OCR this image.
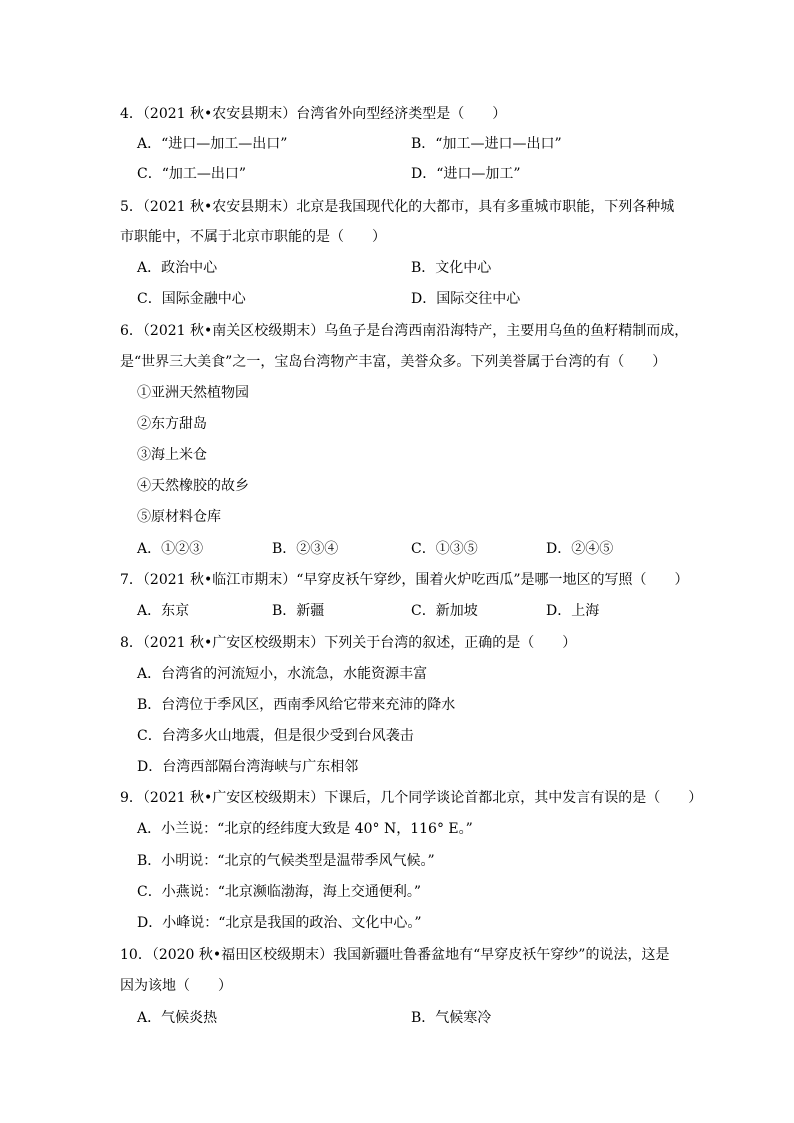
4．（2021 秋•农安县期末）台湾省外向型经济类型是（　　）
A．“进口—加工—出口”	B．“加工—进口—出口”
C．“加工—出口”	D．“进口—加工”
5．（2021 秋•农安县期末）北京是我国现代化的大都市，具有多重城市职能，下列各种城
市职能中，不属于北京市职能的是（　　）
A．政治中心	B．文化中心
C．国际金融中心	D．国际交往中心
6．（2021 秋•南关区校级期末）乌鱼子是台湾西南沿海特产，主要用乌鱼的鱼籽精制而成，
是“世界三大美食”之一，宝岛台湾物产丰富，美誉众多。下列美誉属于台湾的有（　　）
①亚洲天然植物园
②东方甜岛
③海上米仓
④天然橡胶的故乡
⑤原材料仓库
A．①②③	B．②③④	C．①③⑤	D．②④⑤
7．（2021 秋•临江市期末）“早穿皮袄午穿纱，围着火炉吃西瓜”是哪一地区的写照（　　）
A．东京	B．新疆	C．新加坡	D．上海
8．（2021 秋•广安区校级期末）下列关于台湾的叙述，正确的是（　　）
A．台湾省的河流短小，水流急，水能资源丰富
B．台湾位于季风区，西南季风给它带来充沛的降水
C．台湾多火山地震，但是很少受到台风袭击
D．台湾西部隔台湾海峡与广东相邻
9．（2021 秋•广安区校级期末）下课后，几个同学谈论首都北京，其中发言有误的是（　　）
A．小兰说：“北京的经纬度大致是 40° N，116° E。”
B．小明说：“北京的气候类型是温带季风气候。”
C．小燕说：“北京濒临渤海，海上交通便利。”
D．小峰说：“北京是我国的政治、文化中心。”
10．（2020 秋•福田区校级期末）我国新疆吐鲁番盆地有“早穿皮袄午穿纱”的说法，这是
因为该地（　　）
A．气候炎热	B．气候寒冷
